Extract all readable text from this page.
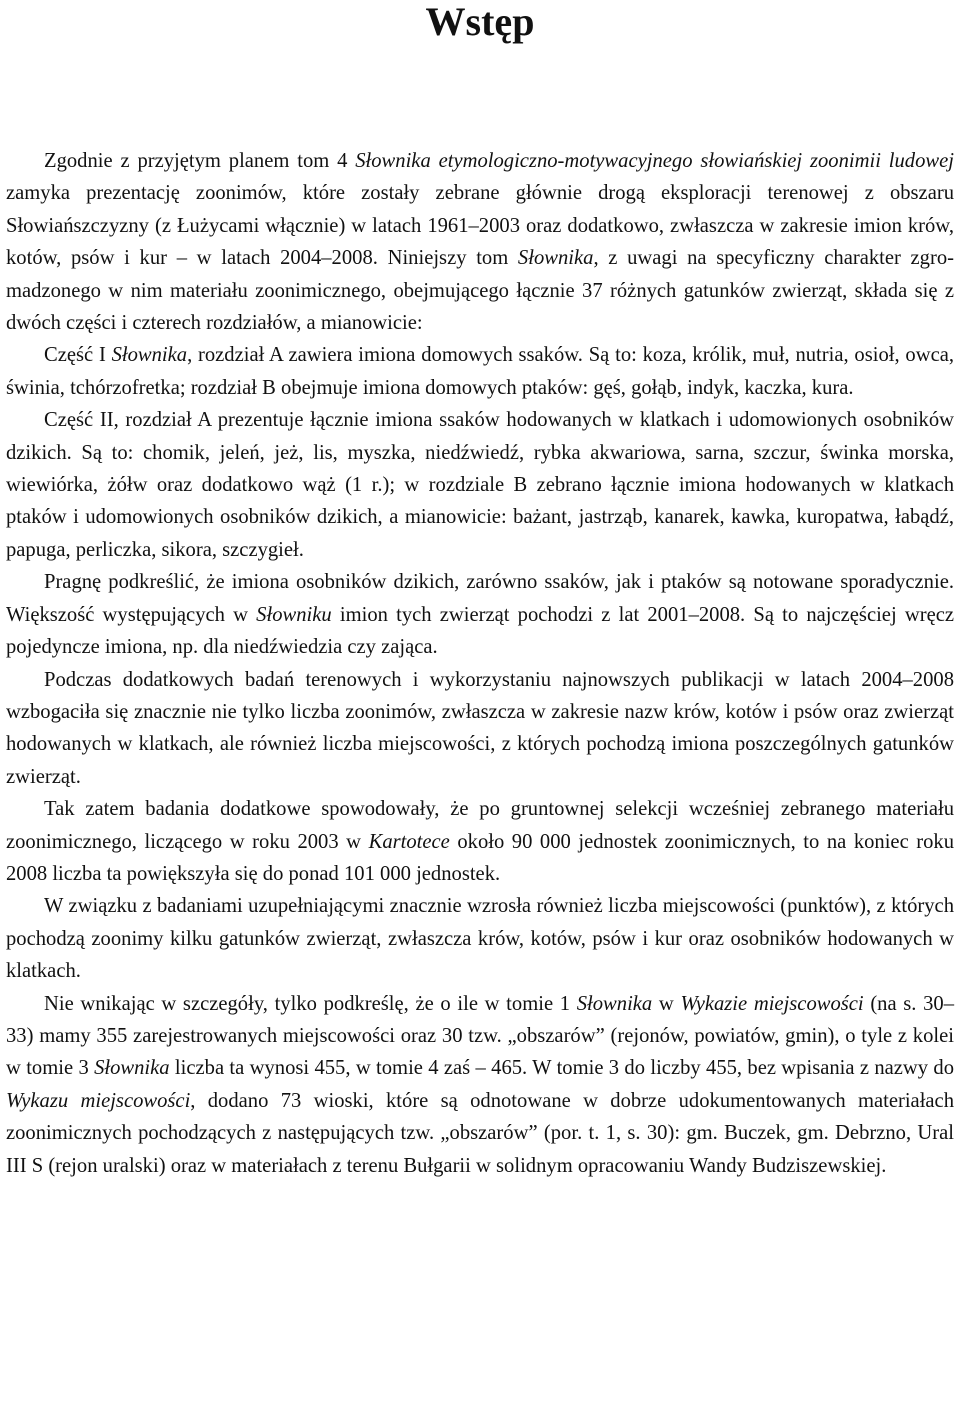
Wstęp

Zgodnie z przyjętym planem tom 4 Słownika etymologiczno-motywacyjnego słowiańskiej zoonimii ludowej zamyka prezentację zoonimów, które zostały zebrane głównie drogą eksploracji terenowej z obszaru Słowiańszczyzny (z Łużycami włącznie) w latach 1961–2003 oraz dodatkowo, zwłaszcza w zakresie imion krów, kotów, psów i kur – w latach 2004–2008. Niniejszy tom Słownika, z uwagi na specyficzny charakter zgromadzonego w nim materiału zoonimicznego, obejmującego łącznie 37 różnych gatunków zwierząt, składa się z dwóch części i czterech rozdziałów, a mianowicie:

Część I Słownika, rozdział A zawiera imiona domowych ssaków. Są to: koza, królik, muł, nutria, osioł, owca, świnia, tchórzofretka; rozdział B obejmuje imiona domowych ptaków: gęś, gołąb, indyk, kaczka, kura.

Część II, rozdział A prezentuje łącznie imiona ssaków hodowanych w klatkach i udomowionych osobników dzikich. Są to: chomik, jeleń, jeż, lis, myszka, niedźwiedź, rybka akwariowa, sarna, szczur, świnka morska, wiewiórka, żółw oraz dodatkowo wąż (1 r.); w rozdziale B zebrano łącznie imiona hodowanych w klatkach ptaków i udomowionych osobników dzikich, a mianowicie: bażant, jastrząb, kanarek, kawka, kuropatwa, łabądź, papuga, perliczka, sikora, szczygieł.

Pragnę podkreślić, że imiona osobników dzikich, zarówno ssaków, jak i ptaków są notowane sporadycznie. Większość występujących w Słowniku imion tych zwierząt pochodzi z lat 2001–2008. Są to najczęściej wręcz pojedyncze imiona, np. dla niedźwiedzia czy zająca.

Podczas dodatkowych badań terenowych i wykorzystaniu najnowszych publikacji w latach 2004–2008 wzbogaciła się znacznie nie tylko liczba zoonimów, zwłaszcza w zakresie nazw krów, kotów i psów oraz zwierząt hodowanych w klatkach, ale również liczba miejscowości, z których pochodzą imiona poszczególnych gatunków zwierząt.

Tak zatem badania dodatkowe spowodowały, że po gruntownej selekcji wcześniej zebranego materiału zoonimicznego, liczącego w roku 2003 w Kartotece około 90 000 jednostek zoonimicznych, to na koniec roku 2008 liczba ta powiększyła się do ponad 101 000 jednostek.

W związku z badaniami uzupełniającymi znacznie wzrosła również liczba miejscowości (punktów), z których pochodzą zoonimy kilku gatunków zwierząt, zwłaszcza krów, kotów, psów i kur oraz osobników hodowanych w klatkach.

Nie wnikając w szczegóły, tylko podkreślę, że o ile w tomie 1 Słownika w Wykazie miejscowości (na s. 30–33) mamy 355 zarejestrowanych miejscowości oraz 30 tzw. „obszarów” (rejonów, powiatów, gmin), o tyle z kolei w tomie 3 Słownika liczba ta wynosi 455, w tomie 4 zaś – 465. W tomie 3 do liczby 455, bez wpisania z nazwy do Wykazu miejscowości, dodano 73 wioski, które są odnotowane w dobrze udokumentowanych materiałach zoonimicznych pochodzących z następujących tzw. „obszarów” (por. t. 1, s. 30): gm. Buczek, gm. Debrzno, Ural III S (rejon uralski) oraz w materiałach z terenu Bułgarii w solidnym opracowaniu Wandy Budziszewskiej.
